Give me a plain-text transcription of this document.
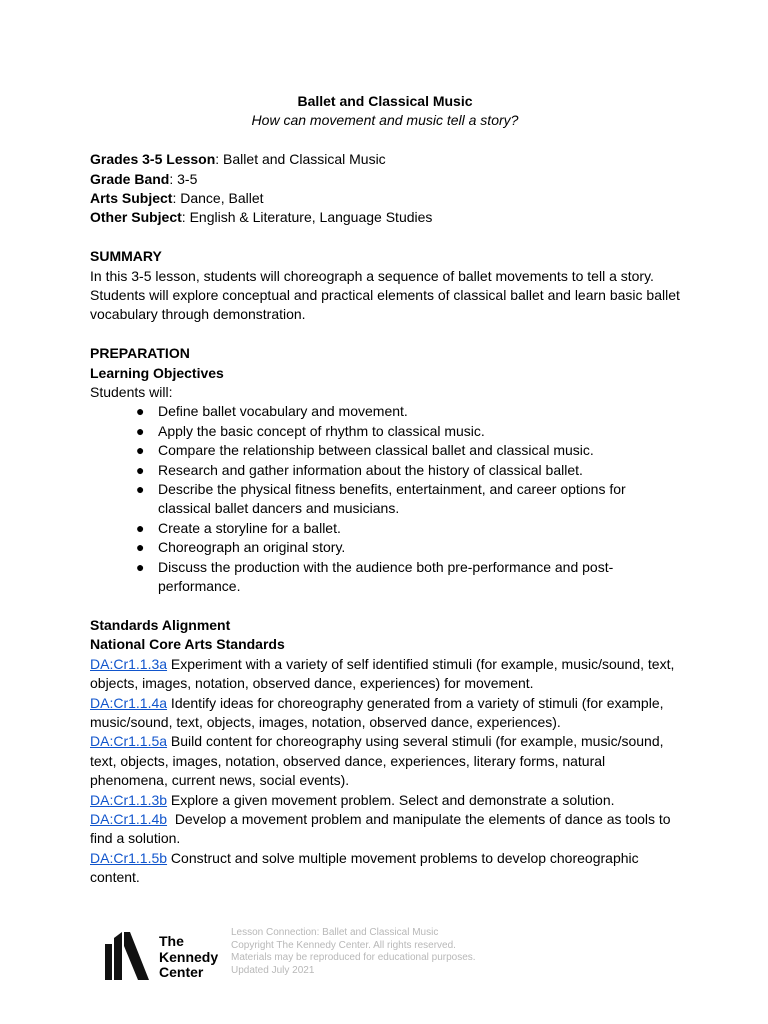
Ballet and Classical Music
How can movement and music tell a story?
Grades 3-5 Lesson: Ballet and Classical Music
Grade Band: 3-5
Arts Subject: Dance, Ballet
Other Subject: English & Literature, Language Studies
SUMMARY
In this 3-5 lesson, students will choreograph a sequence of ballet movements to tell a story. Students will explore conceptual and practical elements of classical ballet and learn basic ballet vocabulary through demonstration.
PREPARATION
Learning Objectives
Students will:
● Define ballet vocabulary and movement.
● Apply the basic concept of rhythm to classical music.
● Compare the relationship between classical ballet and classical music.
● Research and gather information about the history of classical ballet.
● Describe the physical fitness benefits, entertainment, and career options for classical ballet dancers and musicians.
● Create a storyline for a ballet.
● Choreograph an original story.
● Discuss the production with the audience both pre-performance and post-performance.
Standards Alignment
National Core Arts Standards
DA:Cr1.1.3a Experiment with a variety of self identified stimuli (for example, music/sound, text, objects, images, notation, observed dance, experiences) for movement.
DA:Cr1.1.4a Identify ideas for choreography generated from a variety of stimuli (for example, music/sound, text, objects, images, notation, observed dance, experiences).
DA:Cr1.1.5a Build content for choreography using several stimuli (for example, music/sound, text, objects, images, notation, observed dance, experiences, literary forms, natural phenomena, current news, social events).
DA:Cr1.1.3b Explore a given movement problem. Select and demonstrate a solution.
DA:Cr1.1.4b  Develop a movement problem and manipulate the elements of dance as tools to find a solution.
DA:Cr1.1.5b Construct and solve multiple movement problems to develop choreographic content.
The
Kennedy
Center
Lesson Connection: Ballet and Classical Music
Copyright The Kennedy Center. All rights reserved.
Materials may be reproduced for educational purposes.
Updated July 2021
